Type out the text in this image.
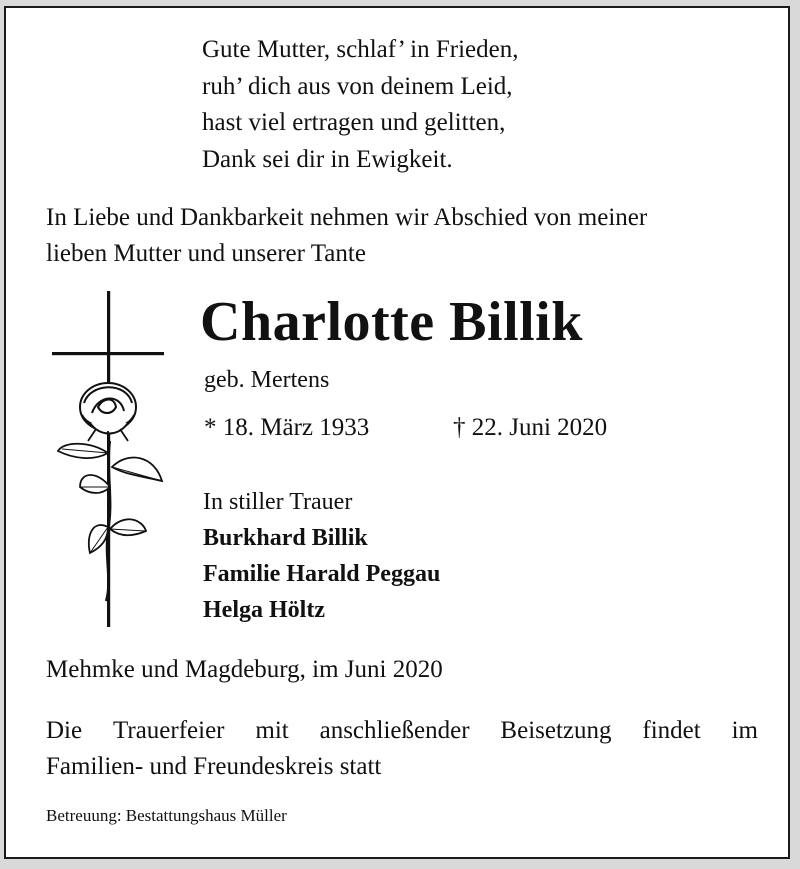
Gute Mutter, schlaf’ in Frieden,
ruh’ dich aus von deinem Leid,
hast viel ertragen und gelitten,
Dank sei dir in Ewigkeit.
In Liebe und Dankbarkeit nehmen wir Abschied von meiner
lieben Mutter und unserer Tante
Charlotte Billik
geb. Mertens
* 18. März 1933	† 22. Juni 2020
In stiller Trauer
Burkhard Billik
Familie Harald Peggau
Helga Höltz
Mehmke und Magdeburg, im Juni 2020
Die Trauerfeier mit anschließender Beisetzung findet im
Familien- und Freundeskreis statt
Betreuung: Bestattungshaus Müller
